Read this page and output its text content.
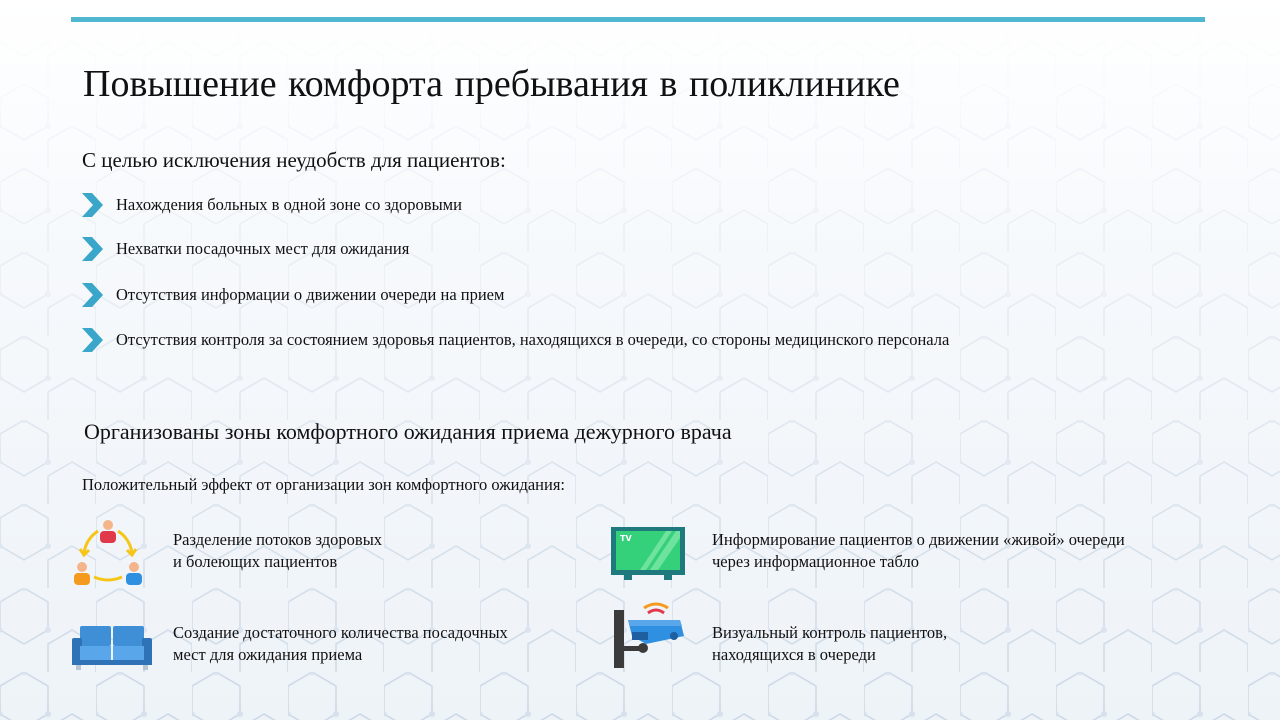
Повышение комфорта пребывания в поликлинике
С целью исключения неудобств для пациентов:
Нахождения больных в одной зоне со здоровыми
Нехватки посадочных мест для ожидания
Отсутствия информации о движении очереди на прием
Отсутствия контроля за состоянием здоровья пациентов, находящихся в очереди, со стороны медицинского персонала
Организованы зоны комфортного ожидания приема дежурного врача
Положительный эффект от организации зон комфортного ожидания:
Разделение потоков здоровых
и болеющих пациентов
TV	Информирование пациентов о движении «живой» очереди
через информационное табло
Создание достаточного количества посадочных
мест для ожидания приема
Визуальный контроль пациентов,
находящихся в очереди
